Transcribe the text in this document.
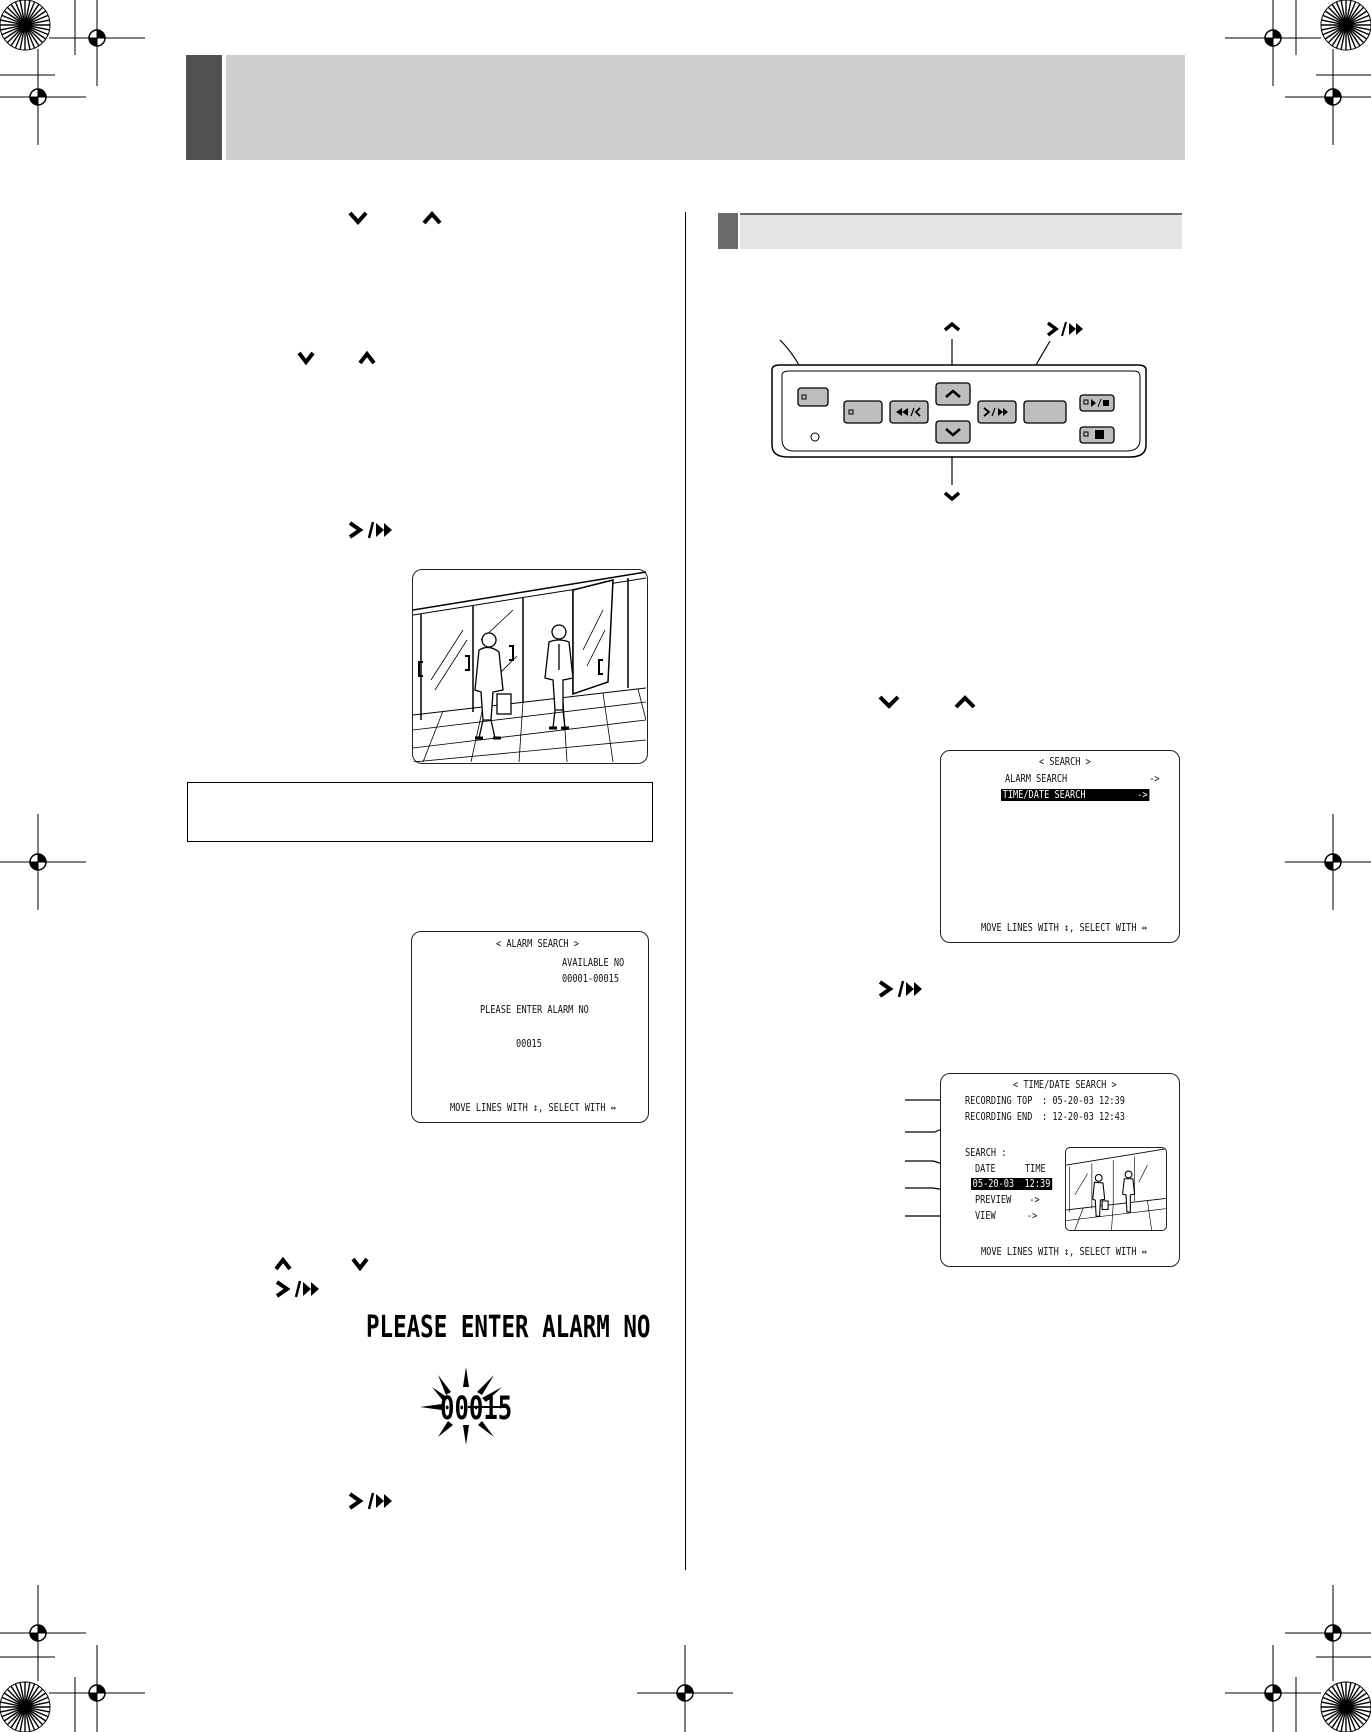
< ALARM SEARCH >
AVAILABLE NO
00001-00015
PLEASE ENTER ALARM NO
00015
MOVE LINES WITH ↕, SELECT WITH ↔
PLEASE ENTER ALARM NO
00015
< SEARCH >
ALARM SEARCH	->
TIME/DATE SEARCH	->
MOVE LINES WITH ↕, SELECT WITH ↔
< TIME/DATE SEARCH >
RECORDING TOP : 05-20-03 12:39
RECORDING END : 12-20-03 12:43
SEARCH :
DATE	TIME
05-20-03 12:39
PREVIEW ->
VIEW	->
MOVE LINES WITH ↕, SELECT WITH ↔
